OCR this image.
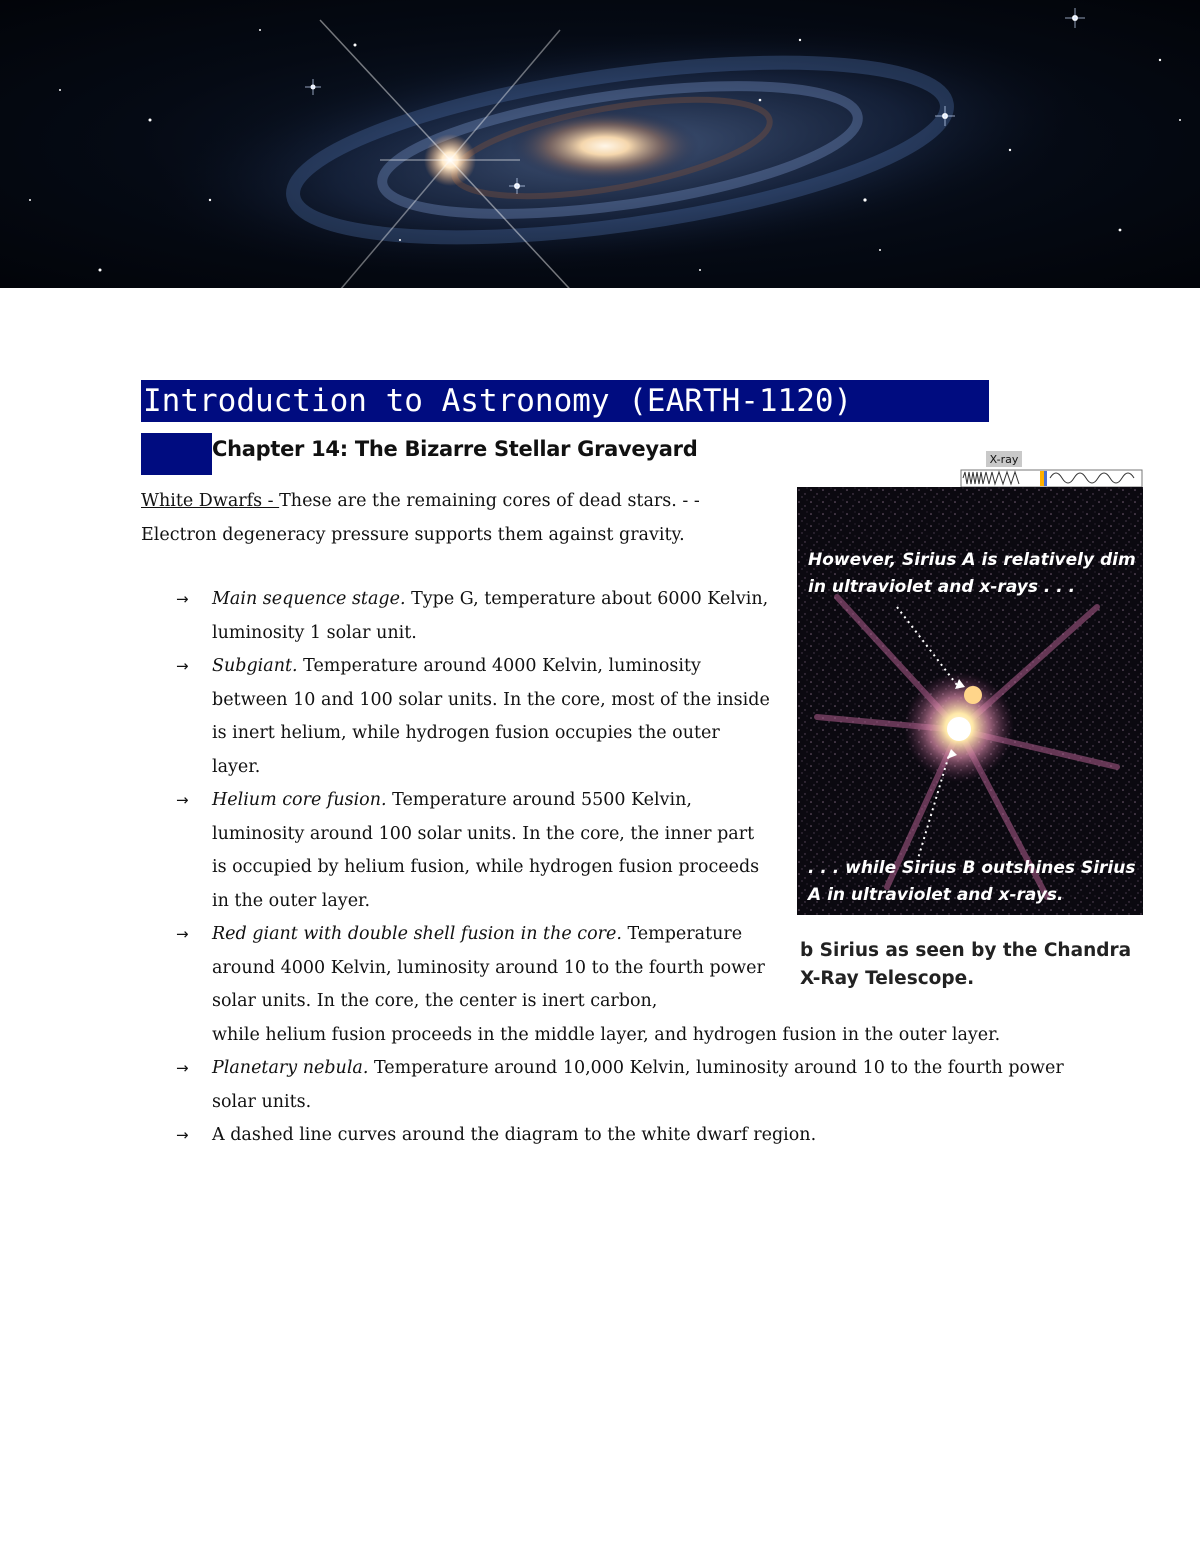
Introduction to Astronomy (EARTH-1120)
Chapter 14: The Bizarre Stellar Graveyard
White Dwarfs - These are the remaining cores of dead stars. - - Electron degeneracy pressure supports them against gravity.
→ Main sequence stage. Type G, temperature about 6000 Kelvin, luminosity 1 solar unit.
→ Subgiant. Temperature around 4000 Kelvin, luminosity between 10 and 100 solar units. In the core, most of the inside is inert helium, while hydrogen fusion occupies the outer layer.
→ Helium core fusion. Temperature around 5500 Kelvin, luminosity around 100 solar units. In the core, the inner part is occupied by helium fusion, while hydrogen fusion proceeds in the outer layer.
→ Red giant with double shell fusion in the core. Temperature around 4000 Kelvin, luminosity around 10 to the fourth power solar units. In the core, the center is inert carbon,
while helium fusion proceeds in the middle layer, and hydrogen fusion in the outer layer.
→ Planetary nebula. Temperature around 10,000 Kelvin, luminosity around 10 to the fourth power solar units.
→ A dashed line curves around the diagram to the white dwarf region.
X-ray
However, Sirius A is relatively dim in ultraviolet and x-rays . . .
. . . while Sirius B outshines Sirius A in ultraviolet and x-rays.
b Sirius as seen by the Chandra X-Ray Telescope.
